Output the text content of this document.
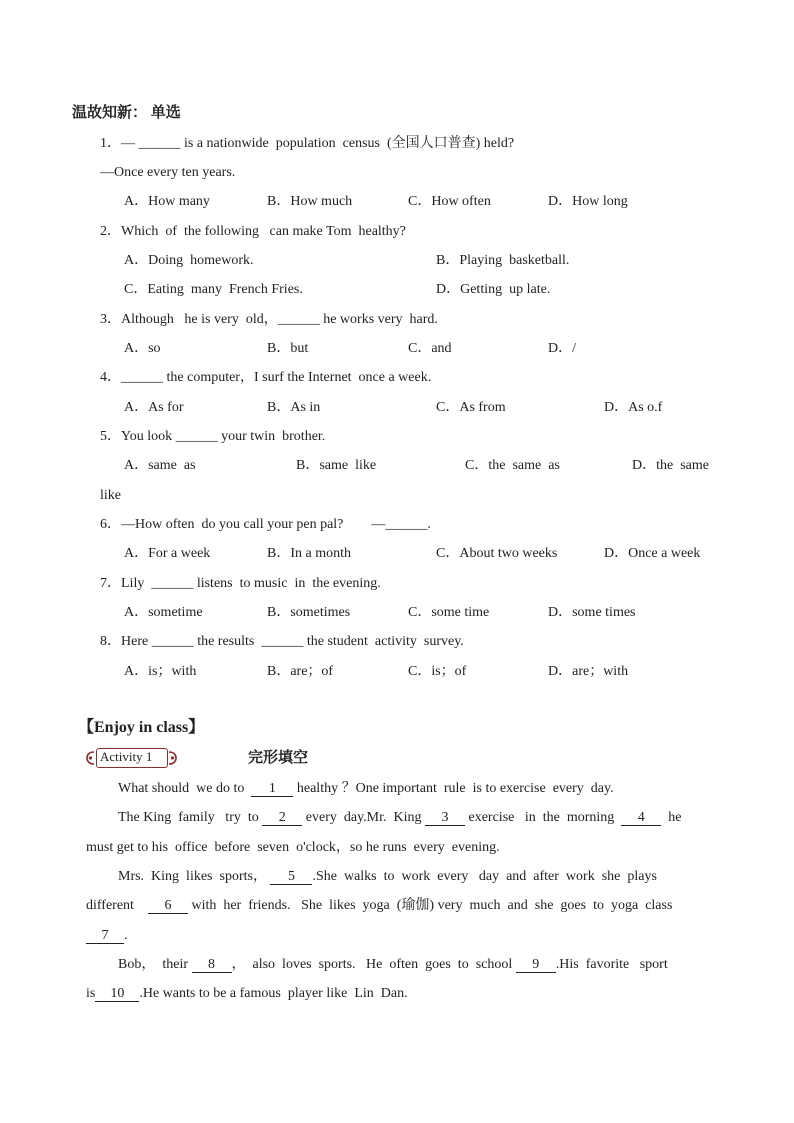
温故知新： 单选
1．— ______ is a nationwide  population  census  (全国人口普查) held?
—Once every ten years.
A．How many	B．How much	C．How often	D．How long
2．Which  of  the following   can make Tom  healthy?
A．Doing  homework.	B．Playing  basketball.
C．Eating  many  French Fries.	D．Getting  up late.
3．Although   he is very  old，______ he works very  hard.
A．so	B．but	C．and	D．/
4．______ the computer，I surf the Internet  once a week.
A．As for	B．As in	C．As from	D．As o.f
5．You look ______ your twin  brother.
A．same  as	B．same  like	C．the  same  as	D．the  same
like
6．—How often  do you call your pen pal?        —______.
A．For a week	B．In a month	C．About two weeks	D．Once a week
7．Lily  ______ listens  to music  in  the evening.
A．sometime	B．sometimes	C．some time	D．some times
8．Here ______ the results  ______ the student  activity  survey.
A．is；with	B．are；of	C．is；of	D．are；with
【Enjoy in class】
Activity 1	完形填空
What should  we do to 1 healthy ？One important  rule  is to exercise  every  day.
The King  family   try  to 2 every  day.Mr.  King 3 exercise   in  the  morning 4 he
must get to his  office  before  seven  o'clock，so he runs  every  evening.
Mrs.  King  likes  sports， 5 .She  walks  to  work  every   day  and  after  work  she  plays
different 6 with  her  friends.   She  likes  yoga  (瑜伽) very  much  and  she  goes  to  yoga  class
7 .
Bob，  their 8 ，  also  loves  sports.   He  often  goes  to  school 9 .His  favorite   sport
is 10 .He wants to be a famous  player like  Lin  Dan.
